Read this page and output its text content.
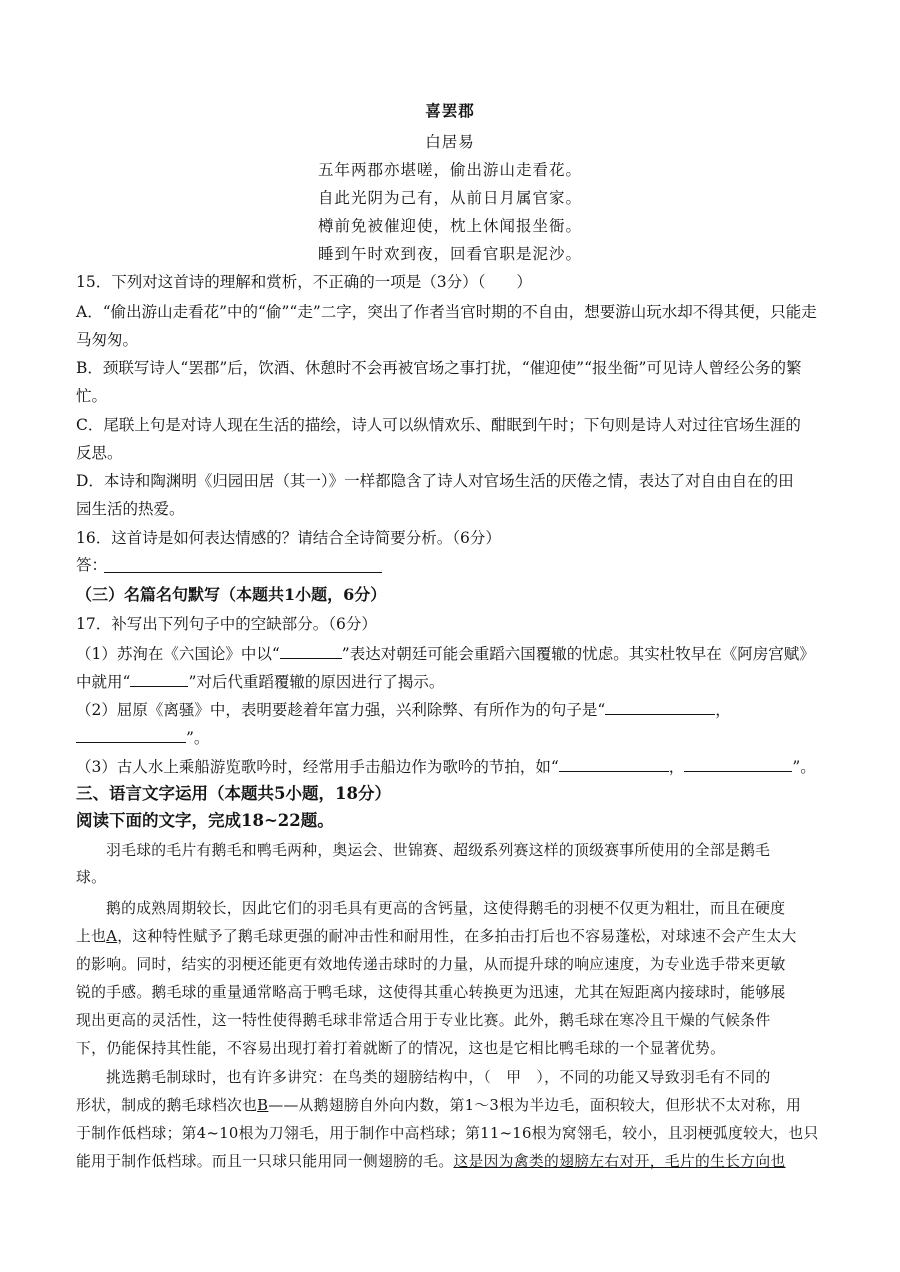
喜罢郡
白居易
五年两郡亦堪嗟，偷出游山走看花。
自此光阴为己有，从前日月属官家。
樽前免被催迎使，枕上休闻报坐衙。
睡到午时欢到夜，回看官职是泥沙。
15．下列对这首诗的理解和赏析，不正确的一项是（3分）（　　）
A．“偷出游山走看花”中的“偷”“走”二字，突出了作者当官时期的不自由，想要游山玩水却不得其便，只能走
马匆匆。
B．颈联写诗人“罢郡”后，饮酒、休憩时不会再被官场之事打扰，“催迎使”“报坐衙”可见诗人曾经公务的繁
忙。
C．尾联上句是对诗人现在生活的描绘，诗人可以纵情欢乐、酣眠到午时；下句则是诗人对过往官场生涯的
反思。
D．本诗和陶渊明《归园田居（其一）》一样都隐含了诗人对官场生活的厌倦之情，表达了对自由自在的田
园生活的热爱。
16．这首诗是如何表达情感的？请结合全诗简要分析。（6分）
答：
（三）名篇名句默写（本题共1小题，6分）
17．补写出下列句子中的空缺部分。（6分）
（1）苏洵在《六国论》中以“	”表达对朝廷可能会重蹈六国覆辙的忧虑。其实杜牧早在《阿房宫赋》
中就用“	”对后代重蹈覆辙的原因进行了揭示。
（2）屈原《离骚》中，表明要趁着年富力强，兴利除弊、有所作为的句子是“	，
”。
（3）古人水上乘船游览歌吟时，经常用手击船边作为歌吟的节拍，如“	，	”。
三、语言文字运用（本题共5小题，18分）
阅读下面的文字，完成18~22题。
羽毛球的毛片有鹅毛和鸭毛两种，奥运会、世锦赛、超级系列赛这样的顶级赛事所使用的全部是鹅毛
球。
鹅的成熟周期较长，因此它们的羽毛具有更高的含钙量，这使得鹅毛的羽梗不仅更为粗壮，而且在硬度
上也A，这种特性赋予了鹅毛球更强的耐冲击性和耐用性，在多拍击打后也不容易蓬松，对球速不会产生太大
的影响。同时，结实的羽梗还能更有效地传递击球时的力量，从而提升球的响应速度，为专业选手带来更敏
锐的手感。鹅毛球的重量通常略高于鸭毛球，这使得其重心转换更为迅速，尤其在短距离内接球时，能够展
现出更高的灵活性，这一特性使得鹅毛球非常适合用于专业比赛。此外，鹅毛球在寒冷且干燥的气候条件
下，仍能保持其性能，不容易出现打着打着就断了的情况，这也是它相比鸭毛球的一个显著优势。
挑选鹅毛制球时，也有许多讲究：在鸟类的翅膀结构中，（　甲　），不同的功能又导致羽毛有不同的
形状，制成的鹅毛球档次也B——从鹅翅膀自外向内数，第1～3根为半边毛，面积较大，但形状不太对称，用
于制作低档球；第4~10根为刀翎毛，用于制作中高档球；第11~16根为窝翎毛，较小，且羽梗弧度较大，也只
能用于制作低档球。而且一只球只能用同一侧翅膀的毛。这是因为禽类的翅膀左右对开，毛片的生长方向也
